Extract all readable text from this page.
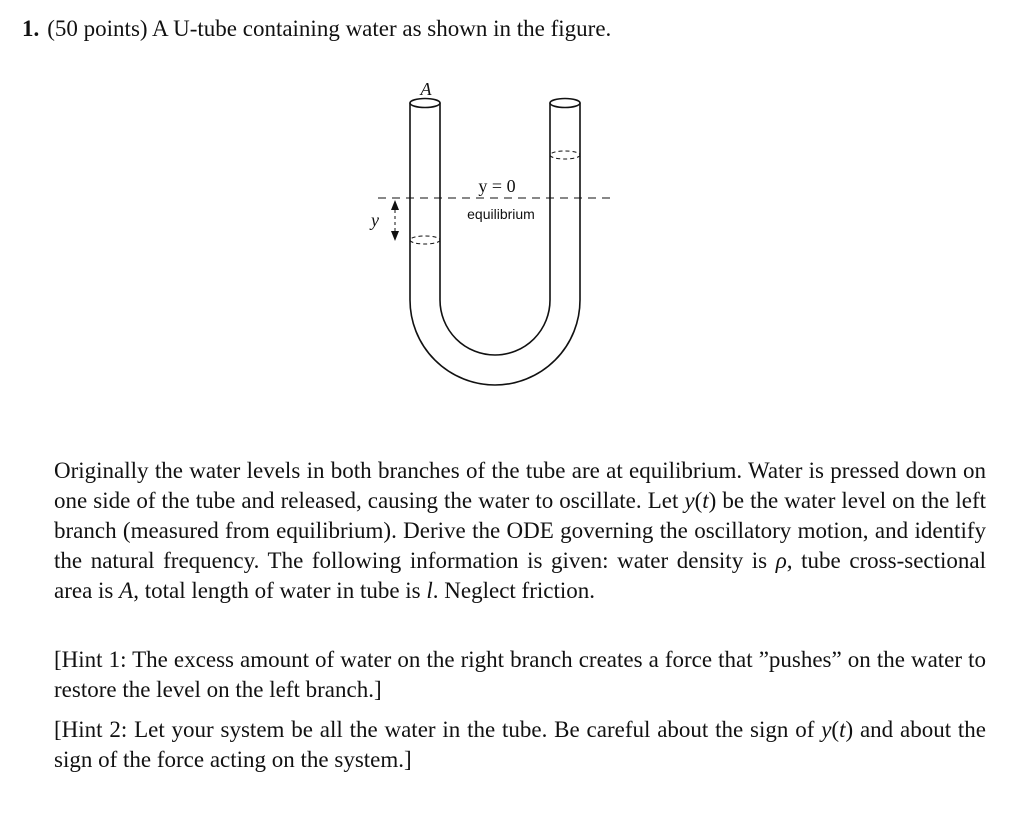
1. (50 points) A U-tube containing water as shown in the figure.
A
y
y = 0
equilibrium
Originally the water levels in both branches of the tube are at equilibrium. Water is pressed down on one side of the tube and released, causing the water to oscillate. Let y(t) be the water level on the left branch (measured from equilibrium). Derive the ODE governing the oscillatory motion, and identify the natural frequency. The following information is given: water density is ρ, tube cross-sectional area is A, total length of water in tube is l. Neglect friction.
[Hint 1: The excess amount of water on the right branch creates a force that ”pushes” on the water to restore the level on the left branch.]
[Hint 2: Let your system be all the water in the tube. Be careful about the sign of y(t) and about the sign of the force acting on the system.]
